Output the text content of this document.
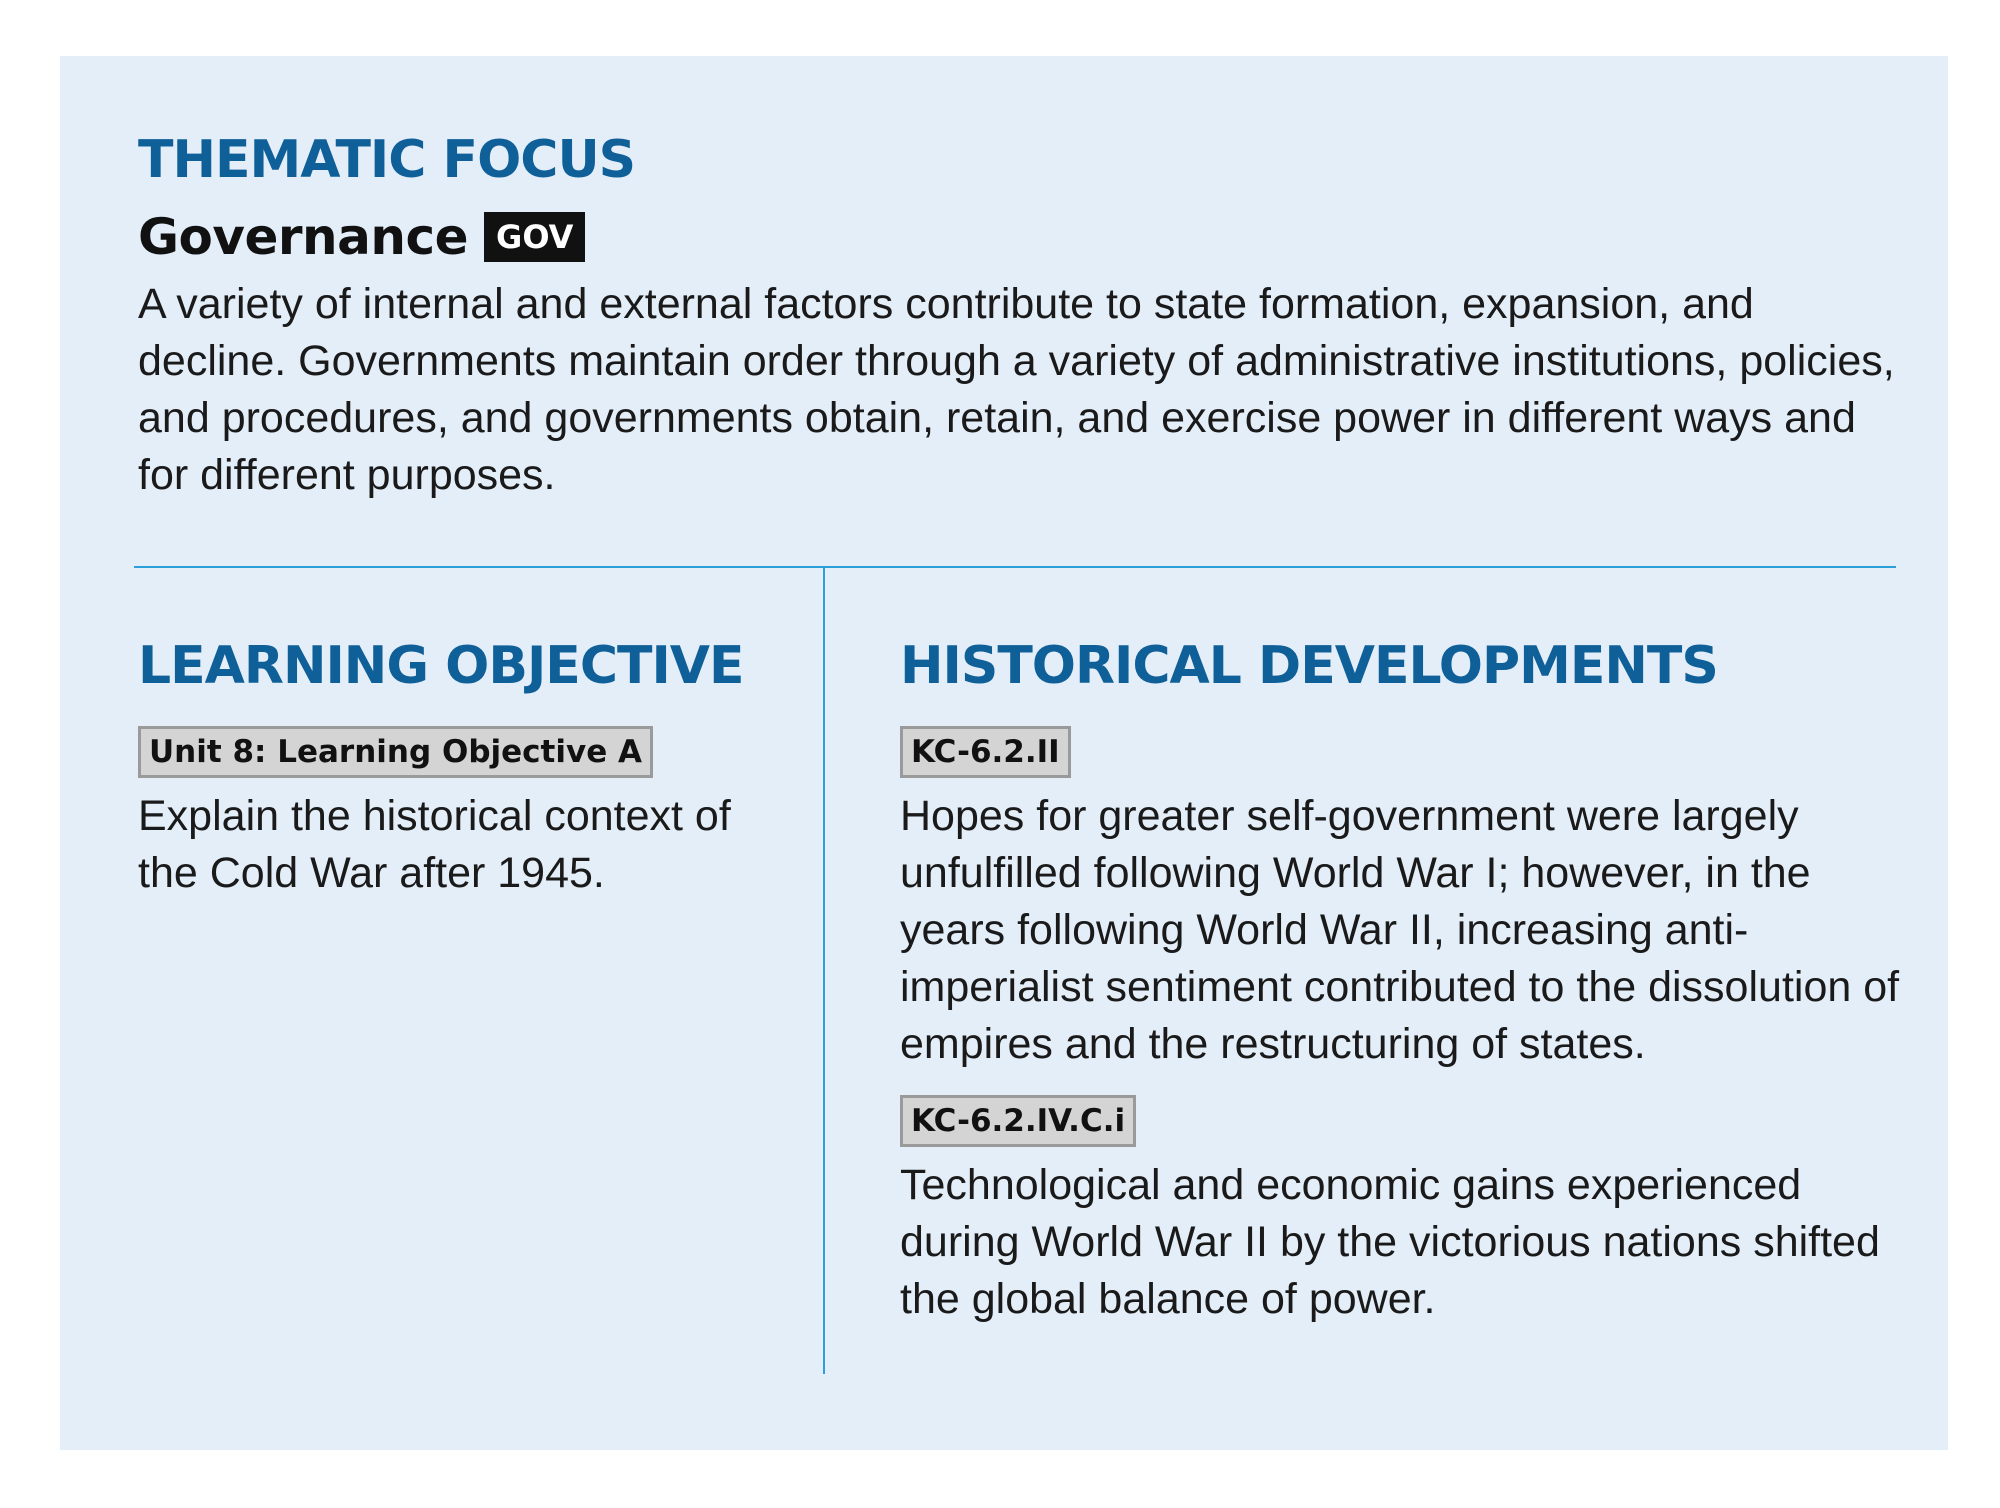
THEMATIC FOCUS
Governance GOV

A variety of internal and external factors contribute to state formation, expansion, and decline. Governments maintain order through a variety of administrative institutions, policies, and procedures, and governments obtain, retain, and exercise power in different ways and for different purposes.

LEARNING OBJECTIVE
Unit 8: Learning Objective A

Explain the historical context of the Cold War after 1945.

HISTORICAL DEVELOPMENTS
KC-6.2.II

Hopes for greater self-government were largely unfulfilled following World War I; however, in the years following World War II, increasing anti-imperialist sentiment contributed to the dissolution of empires and the restructuring of states.

KC-6.2.IV.C.i

Technological and economic gains experienced during World War II by the victorious nations shifted the global balance of power.
